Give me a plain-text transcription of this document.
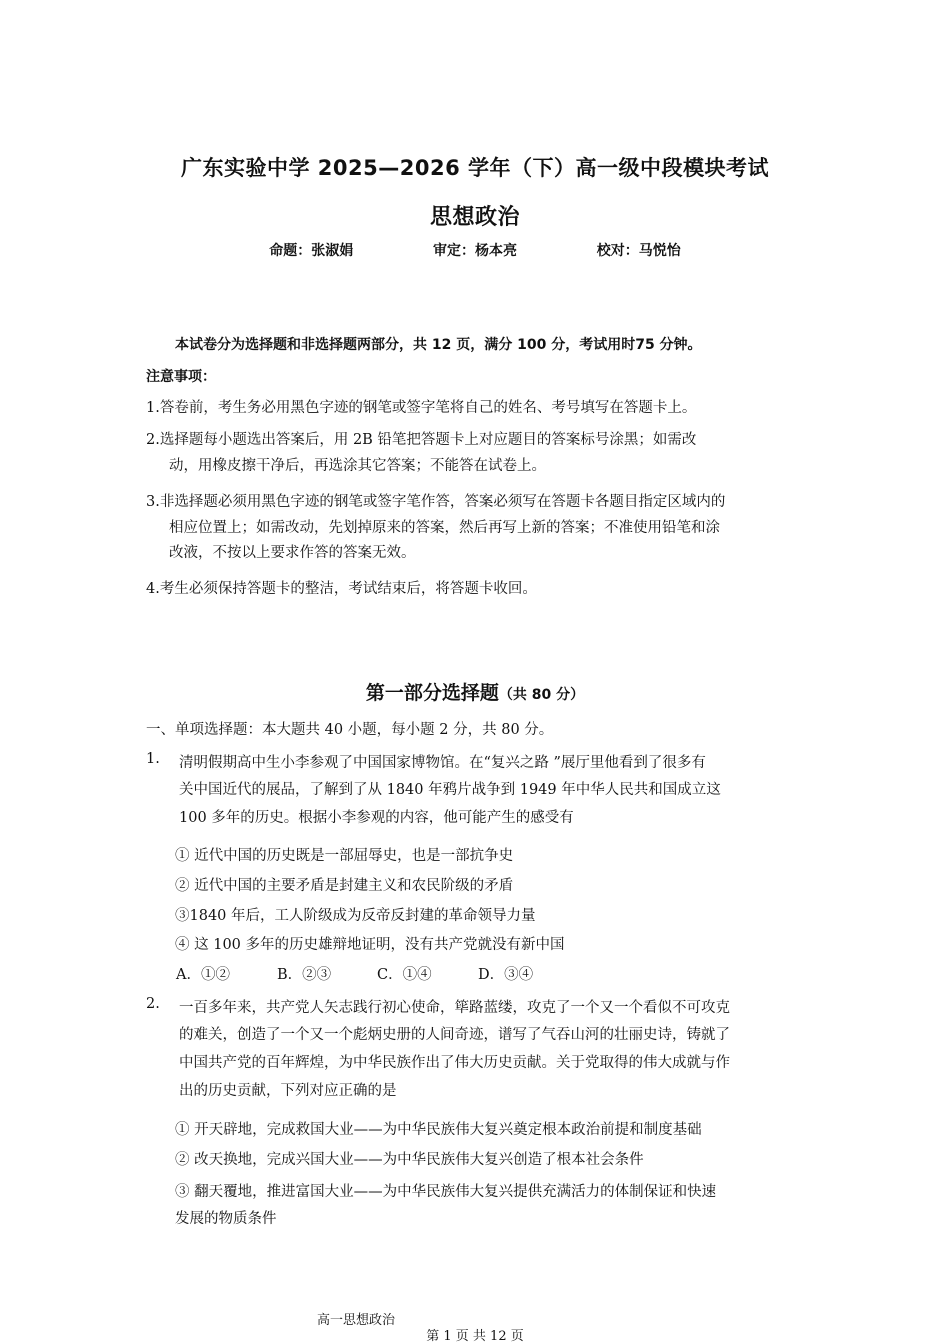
广东实验中学 2025—2026 学年（下）高一级中段模块考试
思想政治
命题：张淑娟	审定：杨本亮	校对：马悦怡
本试卷分为选择题和非选择题两部分，共 12 页，满分 100 分，考试用时75 分钟。
注意事项：
1.答卷前，考生务必用黑色字迹的钢笔或签字笔将自己的姓名、考号填写在答题卡上。
2.选择题每小题选出答案后，用 2B 铅笔把答题卡上对应题目的答案标号涂黑；如需改
动，用橡皮擦干净后，再选涂其它答案；不能答在试卷上。
3.非选择题必须用黑色字迹的钢笔或签字笔作答，答案必须写在答题卡各题目指定区域内的
相应位置上；如需改动，先划掉原来的答案，然后再写上新的答案；不准使用铅笔和涂
改液，不按以上要求作答的答案无效。
4.考生必须保持答题卡的整洁，考试结束后，将答题卡收回。
第一部分选择题（共 80 分）
一、单项选择题：本大题共 40 小题，每小题 2 分，共 80 分。
1. 清明假期高中生小李参观了中国国家博物馆。在“复兴之路 ”展厅里他看到了很多有
关中国近代的展品，了解到了从 1840 年鸦片战争到 1949 年中华人民共和国成立这
100 多年的历史。根据小李参观的内容，他可能产生的感受有
① 近代中国的历史既是一部屈辱史，也是一部抗争史
② 近代中国的主要矛盾是封建主义和农民阶级的矛盾
③1840 年后，工人阶级成为反帝反封建的革命领导力量
④ 这 100 多年的历史雄辩地证明，没有共产党就没有新中国
A．①②	B．②③	C．①④	D．③④
2. 一百多年来，共产党人矢志践行初心使命，筚路蓝缕，攻克了一个又一个看似不可攻克
的难关，创造了一个又一个彪炳史册的人间奇迹，谱写了气吞山河的壮丽史诗，铸就了
中国共产党的百年辉煌，为中华民族作出了伟大历史贡献。关于党取得的伟大成就与作
出的历史贡献，下列对应正确的是
① 开天辟地，完成救国大业——为中华民族伟大复兴奠定根本政治前提和制度基础
② 改天换地，完成兴国大业——为中华民族伟大复兴创造了根本社会条件
③ 翻天覆地，推进富国大业——为中华民族伟大复兴提供充满活力的体制保证和快速
发展的物质条件
高一思想政治
第 1 页 共 12 页
